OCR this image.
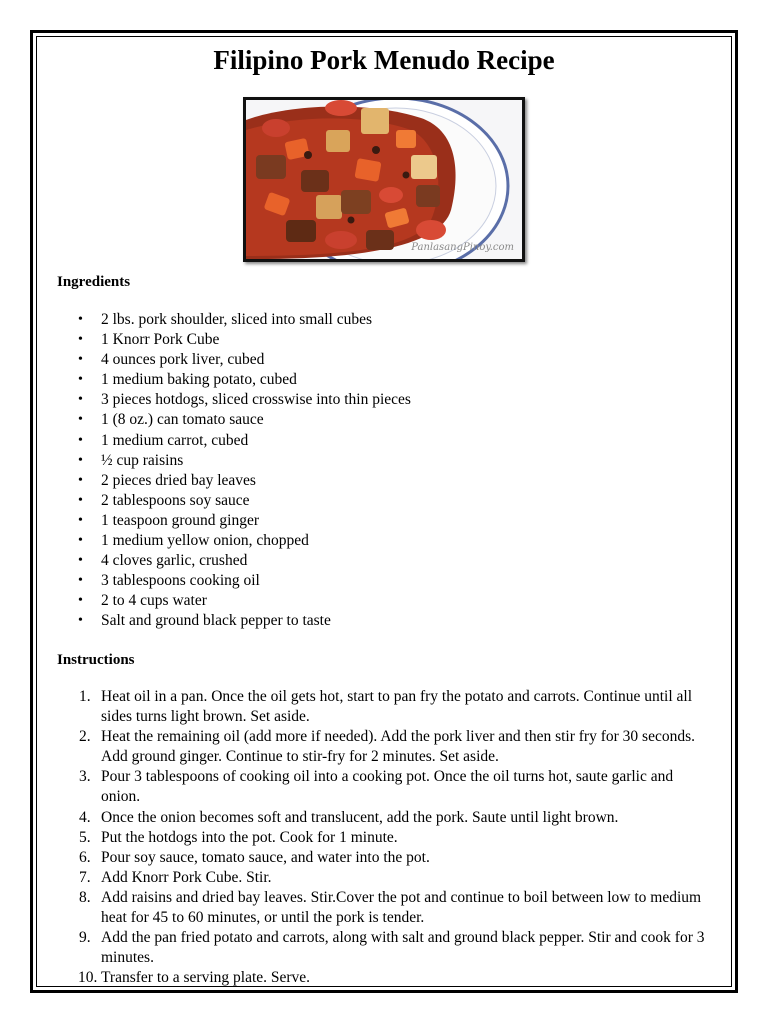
Filipino Pork Menudo Recipe
PanlasangPinoy.com
Ingredients
• 2 lbs. pork shoulder, sliced into small cubes
• 1 Knorr Pork Cube
• 4 ounces pork liver, cubed
• 1 medium baking potato, cubed
• 3 pieces hotdogs, sliced crosswise into thin pieces
• 1 (8 oz.) can tomato sauce
• 1 medium carrot, cubed
• ½ cup raisins
• 2 pieces dried bay leaves
• 2 tablespoons soy sauce
• 1 teaspoon ground ginger
• 1 medium yellow onion, chopped
• 4 cloves garlic, crushed
• 3 tablespoons cooking oil
• 2 to 4 cups water
• Salt and ground black pepper to taste
Instructions
1. Heat oil in a pan. Once the oil gets hot, start to pan fry the potato and carrots. Continue until all sides turns light brown. Set aside.
2. Heat the remaining oil (add more if needed). Add the pork liver and then stir fry for 30 seconds. Add ground ginger. Continue to stir-fry for 2 minutes. Set aside.
3. Pour 3 tablespoons of cooking oil into a cooking pot. Once the oil turns hot, saute garlic and onion.
4. Once the onion becomes soft and translucent, add the pork. Saute until light brown.
5. Put the hotdogs into the pot. Cook for 1 minute.
6. Pour soy sauce, tomato sauce, and water into the pot.
7. Add Knorr Pork Cube. Stir.
8. Add raisins and dried bay leaves. Stir.Cover the pot and continue to boil between low to medium heat for 45 to 60 minutes, or until the pork is tender.
9. Add the pan fried potato and carrots, along with salt and ground black pepper. Stir and cook for 3 minutes.
10. Transfer to a serving plate. Serve.
